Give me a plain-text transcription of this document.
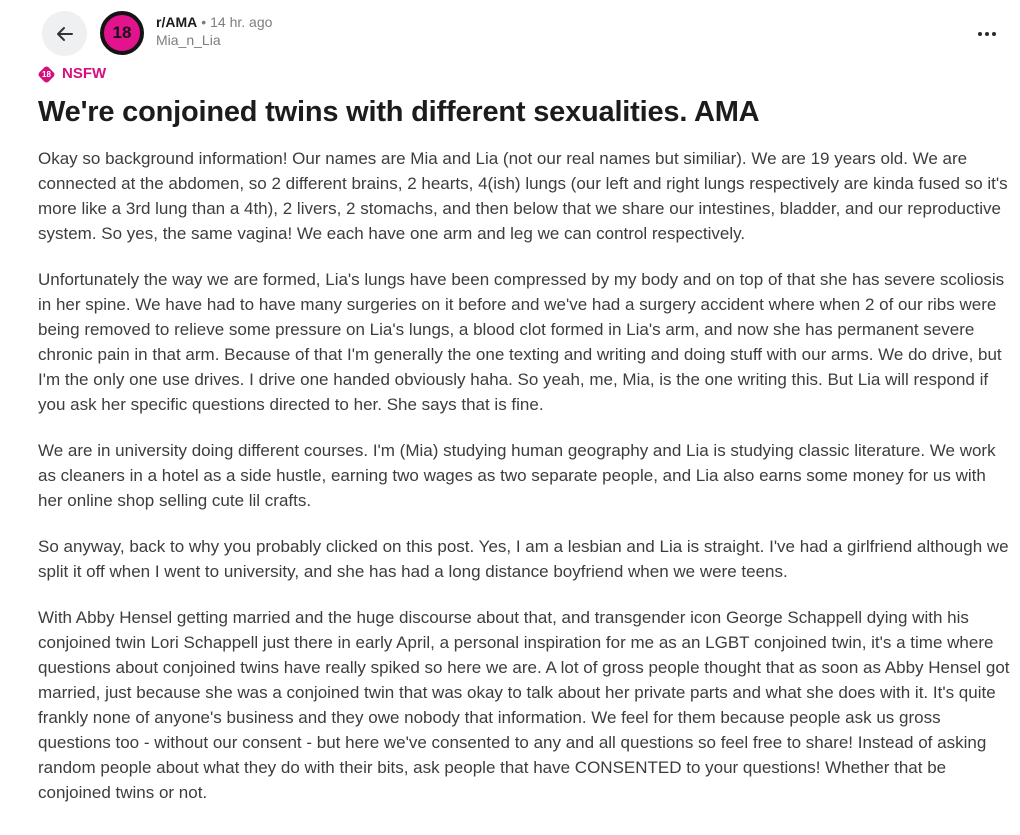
18
r/AMA • 14 hr. ago
Mia_n_Lia
18 NSFW
We're conjoined twins with different sexualities. AMA

Okay so background information! Our names are Mia and Lia (not our real names but similiar). We are 19 years old. We are connected at the abdomen, so 2 different brains, 2 hearts, 4(ish) lungs (our left and right lungs respectively are kinda fused so it's more like a 3rd lung than a 4th), 2 livers, 2 stomachs, and then below that we share our intestines, bladder, and our reproductive system. So yes, the same vagina! We each have one arm and leg we can control respectively.

Unfortunately the way we are formed, Lia's lungs have been compressed by my body and on top of that she has severe scoliosis in her spine. We have had to have many surgeries on it before and we've had a surgery accident where when 2 of our ribs were being removed to relieve some pressure on Lia's lungs, a blood clot formed in Lia's arm, and now she has permanent severe chronic pain in that arm. Because of that I'm generally the one texting and writing and doing stuff with our arms. We do drive, but I'm the only one use drives. I drive one handed obviously haha. So yeah, me, Mia, is the one writing this. But Lia will respond if you ask her specific questions directed to her. She says that is fine.

We are in university doing different courses. I'm (Mia) studying human geography and Lia is studying classic literature. We work as cleaners in a hotel as a side hustle, earning two wages as two separate people, and Lia also earns some money for us with her online shop selling cute lil crafts.

So anyway, back to why you probably clicked on this post. Yes, I am a lesbian and Lia is straight. I've had a girlfriend although we split it off when I went to university, and she has had a long distance boyfriend when we were teens.

With Abby Hensel getting married and the huge discourse about that, and transgender icon George Schappell dying with his conjoined twin Lori Schappell just there in early April, a personal inspiration for me as an LGBT conjoined twin, it's a time where questions about conjoined twins have really spiked so here we are. A lot of gross people thought that as soon as Abby Hensel got married, just because she was a conjoined twin that was okay to talk about her private parts and what she does with it. It's quite frankly none of anyone's business and they owe nobody that information. We feel for them because people ask us gross questions too - without our consent - but here we've consented to any and all questions so feel free to share! Instead of asking random people about what they do with their bits, ask people that have CONSENTED to your questions! Whether that be conjoined twins or not.
